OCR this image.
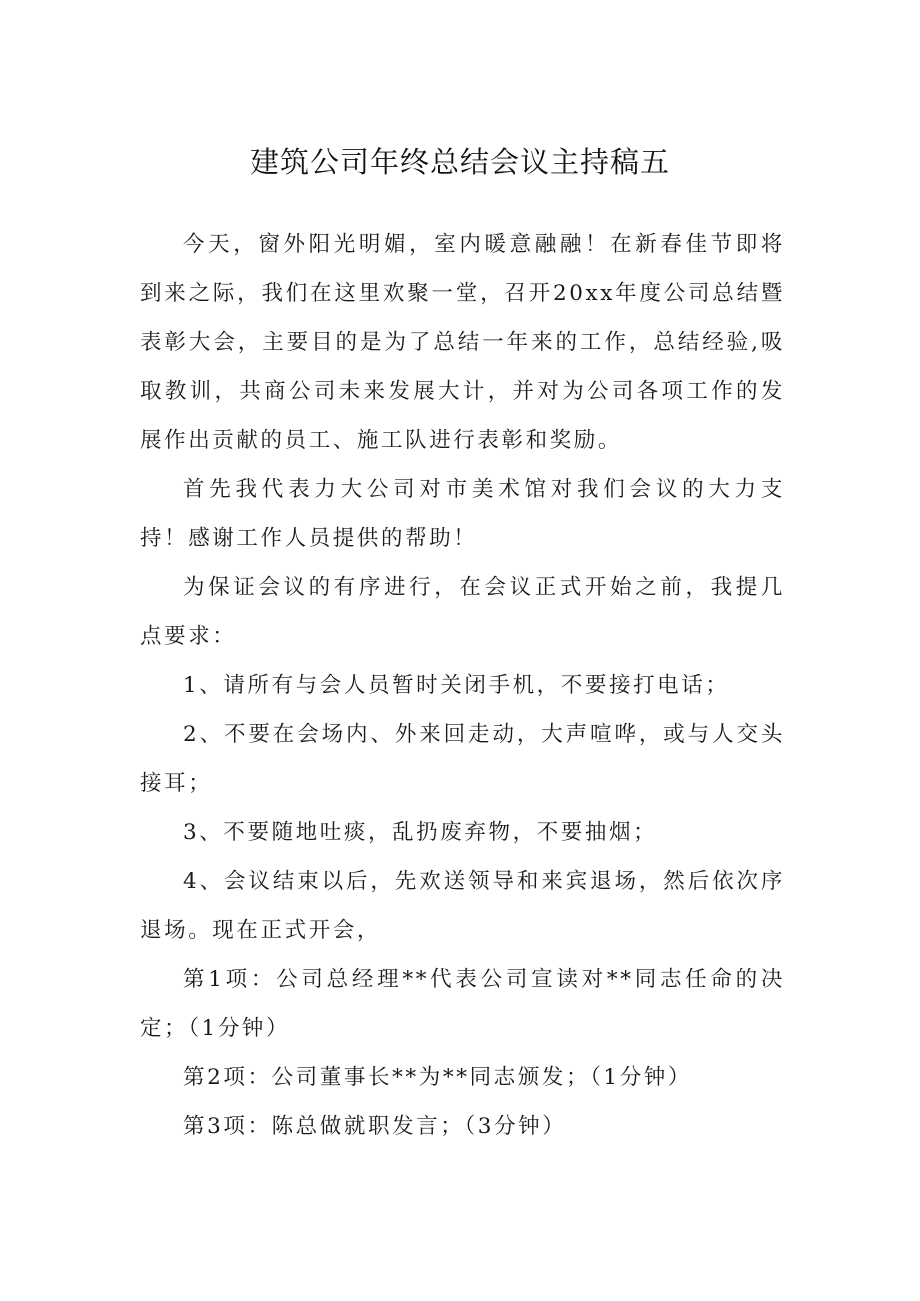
建筑公司年终总结会议主持稿五

今天，窗外阳光明媚，室内暖意融融！在新春佳节即将到来之际，我们在这里欢聚一堂，召开20xx年度公司总结暨表彰大会，主要目的是为了总结一年来的工作，总结经验,吸取教训，共商公司未来发展大计，并对为公司各项工作的发展作出贡献的员工、施工队进行表彰和奖励。

首先我代表力大公司对市美术馆对我们会议的大力支持！感谢工作人员提供的帮助！

为保证会议的有序进行，在会议正式开始之前，我提几点要求：

1、请所有与会人员暂时关闭手机，不要接打电话；

2、不要在会场内、外来回走动，大声喧哗，或与人交头接耳；

3、不要随地吐痰，乱扔废弃物，不要抽烟；

4、会议结束以后，先欢送领导和来宾退场，然后依次序退场。现在正式开会，

第1项：公司总经理**代表公司宣读对**同志任命的决定；（1分钟）

第2项：公司董事长**为**同志颁发；（1分钟）

第3项：陈总做就职发言；（3分钟）
